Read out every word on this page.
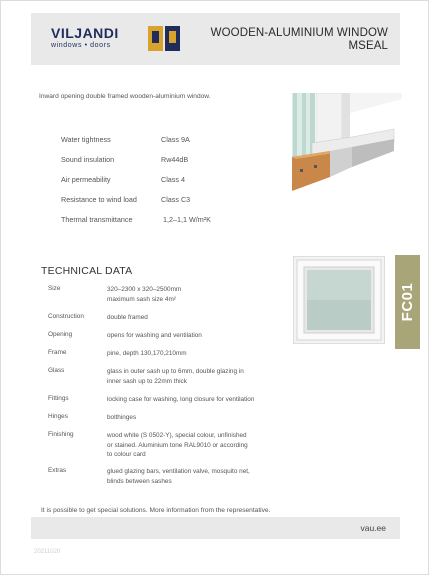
VILJANDI
windows • doors
WOODEN-ALUMINIUM WINDOW
MSEAL
Inward opening double framed wooden-aluminium window.
Water tightness	Class 9A
Sound insulation	Rw44dB
Air permeability	Class 4
Resistance to wind load	Class C3
Thermal transmittance	1,2–1,1 W/m²K
TECHNICAL DATA
FC01
Size	320–2300 x 320–2500mm
maximum sash size 4m²
Construction	double framed
Opening	opens for washing and ventilation
Frame	pine, depth 130,170,210mm
Glass	glass in outer sash up to 6mm, double glazing in
inner sash up to 22mm thick
Fittings	locking case for washing, long closure for ventilation
Hinges	bolthinges
Finishing	wood white (S 0502-Y), special colour, unfinished
or stained. Aluminium tone RAL9010 or according
to colour card
Extras	glued glazing bars, ventilation valve, mosquito net,
blinds between sashes
It is possible to get special solutions. More information from the representative.
vau.ee
20211020
